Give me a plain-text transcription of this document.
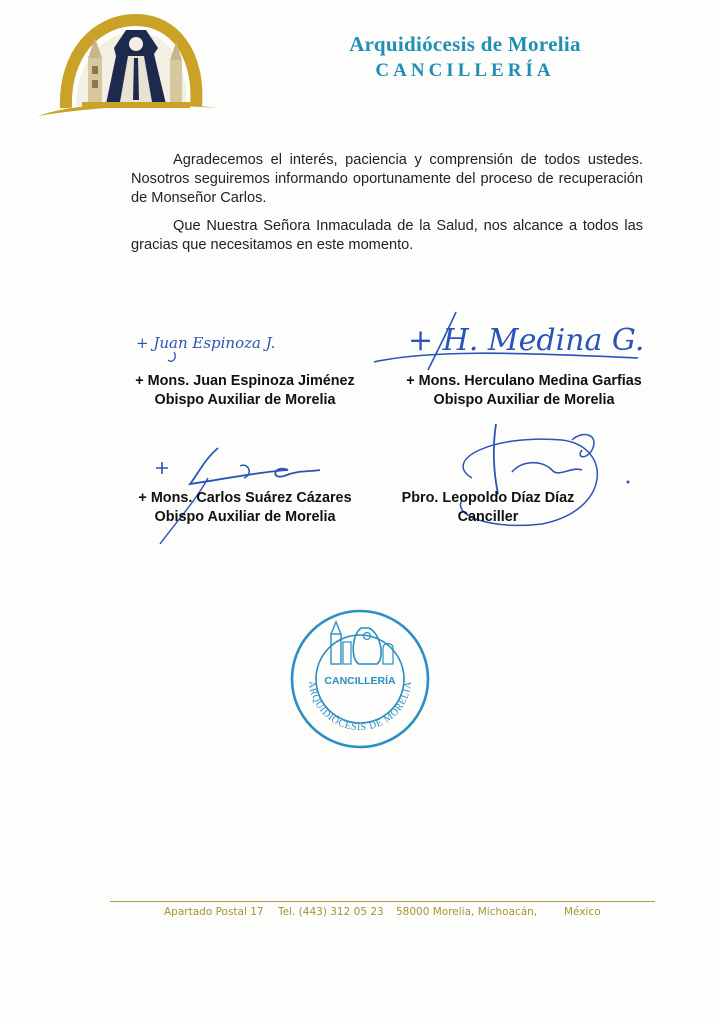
Arquidiócesis de Morelia
CANCILLERÍA
Agradecemos el interés, paciencia y comprensión de todos ustedes. Nosotros seguiremos informando oportunamente del proceso de recuperación de Monseñor Carlos.
Que Nuestra Señora Inmaculada de la Salud, nos alcance a todos las gracias que necesitamos en este momento.
+ Juan Espinoza J.	+ H. Medina G.
+ Mons. Juan Espinoza Jiménez
Obispo Auxiliar de Morelia
+ Mons. Herculano Medina Garfias
Obispo Auxiliar de Morelia
+ Mons. Carlos Suárez Cázares
Obispo Auxiliar de Morelia
Pbro. Leopoldo Díaz Díaz
Canciller
CANCILLERÍA
ARQUIDIÓCESIS DE MORELIA
Apartado Postal 17 Tel. (443) 312 05 23 58000 Morelia, Michoacán,	México
